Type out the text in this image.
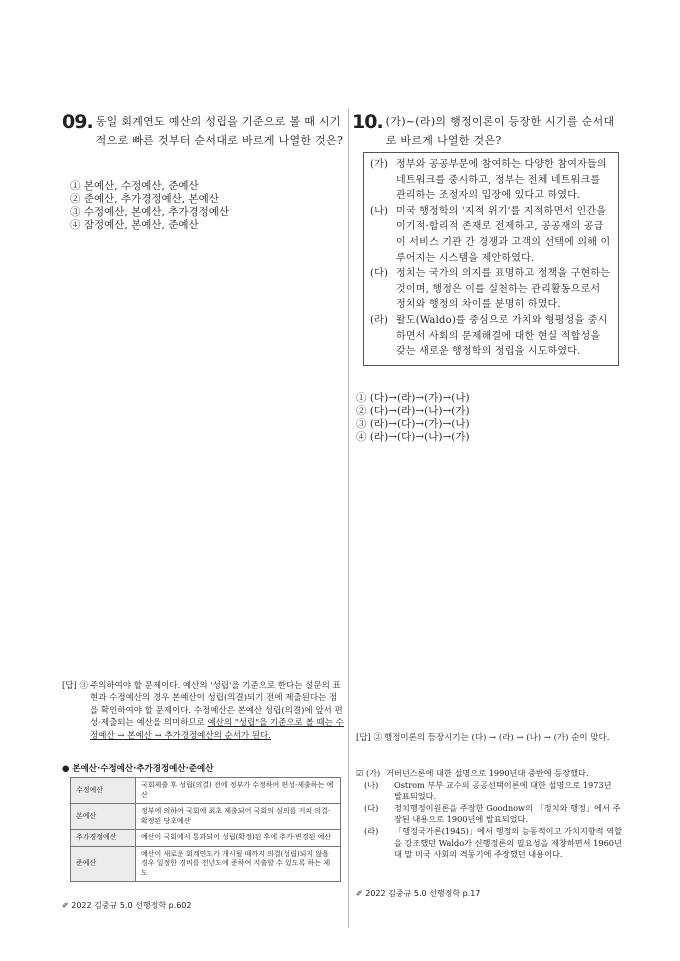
09. 동일 회계연도 예산의 성립을 기준으로 볼 때 시기적으로 빠른 것부터 순서대로 바르게 나열한 것은?
① 본예산, 수정예산, 준예산
② 준예산, 추가경정예산, 본예산
③ 수정예산, 본예산, 추가경정예산
④ 잠정예산, 본예산, 준예산
[답] ③ 주의하여야 할 문제이다. 예산의 '성립'을 기준으로 한다는 설문의 표현과 수정예산의 경우 본예산이 성립(의결)되기 전에 제출된다는 점을 확인하여야 할 문제이다. 수정예산은 본예산 성립(의결)에 앞서 편성·제출되는 예산을 의미하므로 예산의 "성립"을 기준으로 볼 때는 수정예산 → 본예산 → 추가경정예산의 순서가 된다.
● 본예산·수정예산·추가경정예산·준예산
수정예산	국회제출 후 성립(의결) 전에 정부가 수정하여 편성·제출하는 예산
본예산	정부에 의하여 국회에 최초 제출되어 국회의 심의를 거쳐 의결·확정된 당초예산
추가경정예산	예산이 국회에서 통과되어 성립(확정)된 후에 추가·변경된 예산
준예산	예산이 새로운 회계연도가 개시될 때까지 의결(성립)되지 않을 경우 일정한 경비를 전년도에 준하여 지출할 수 있도록 하는 제도
✐ 2022 김중규 5.0 선행정학 p.602
10. (가)~(라)의 행정이론이 등장한 시기를 순서대로 바르게 나열한 것은?
(가) 정부와 공공부문에 참여하는 다양한 참여자들의 네트워크를 중시하고, 정부는 전체 네트워크를 관리하는 조정자의 입장에 있다고 하였다.
(나) 미국 행정학의 '지적 위기'를 지적하면서 인간을 이기적·합리적 존재로 전제하고, 공공재의 공급이 서비스 기관 간 경쟁과 고객의 선택에 의해 이루어지는 시스템을 제안하였다.
(다) 정치는 국가의 의지를 표명하고 정책을 구현하는 것이며, 행정은 이를 실천하는 관리활동으로서 정치와 행정의 차이를 분명히 하였다.
(라) 왈도(Waldo)를 중심으로 가치와 형평성을 중시하면서 사회의 문제해결에 대한 현실 적합성을 갖는 새로운 행정학의 정립을 시도하였다.
① (다)→(라)→(가)→(나)
② (다)→(라)→(나)→(가)
③ (라)→(다)→(가)→(나)
④ (라)→(다)→(나)→(가)
[답] ② 행정이론의 등장시기는 (다) → (라) → (나) → (가) 순이 맞다.
☑ (가) 거버넌스론에 대한 설명으로 1990년대 중반에 등장했다.
(나)	Ostrom 부부 교수의 공공선택이론에 대한 설명으로 1973년 발표되었다.
(다)	정치행정이원론을 주장한 Goodnow의 「정치와 행정」에서 주장된 내용으로 1900년에 발표되었다.
(라)	「행정국가론(1945)」에서 행정의 능동적이고 가치지향적 역할을 강조했던 Waldo가 신행정론의 필요성을 제창하면서 1960년대 말 미국 사회의 격동기에 주장했던 내용이다.
✐ 2022 김중규 5.0 선행정학 p.17
